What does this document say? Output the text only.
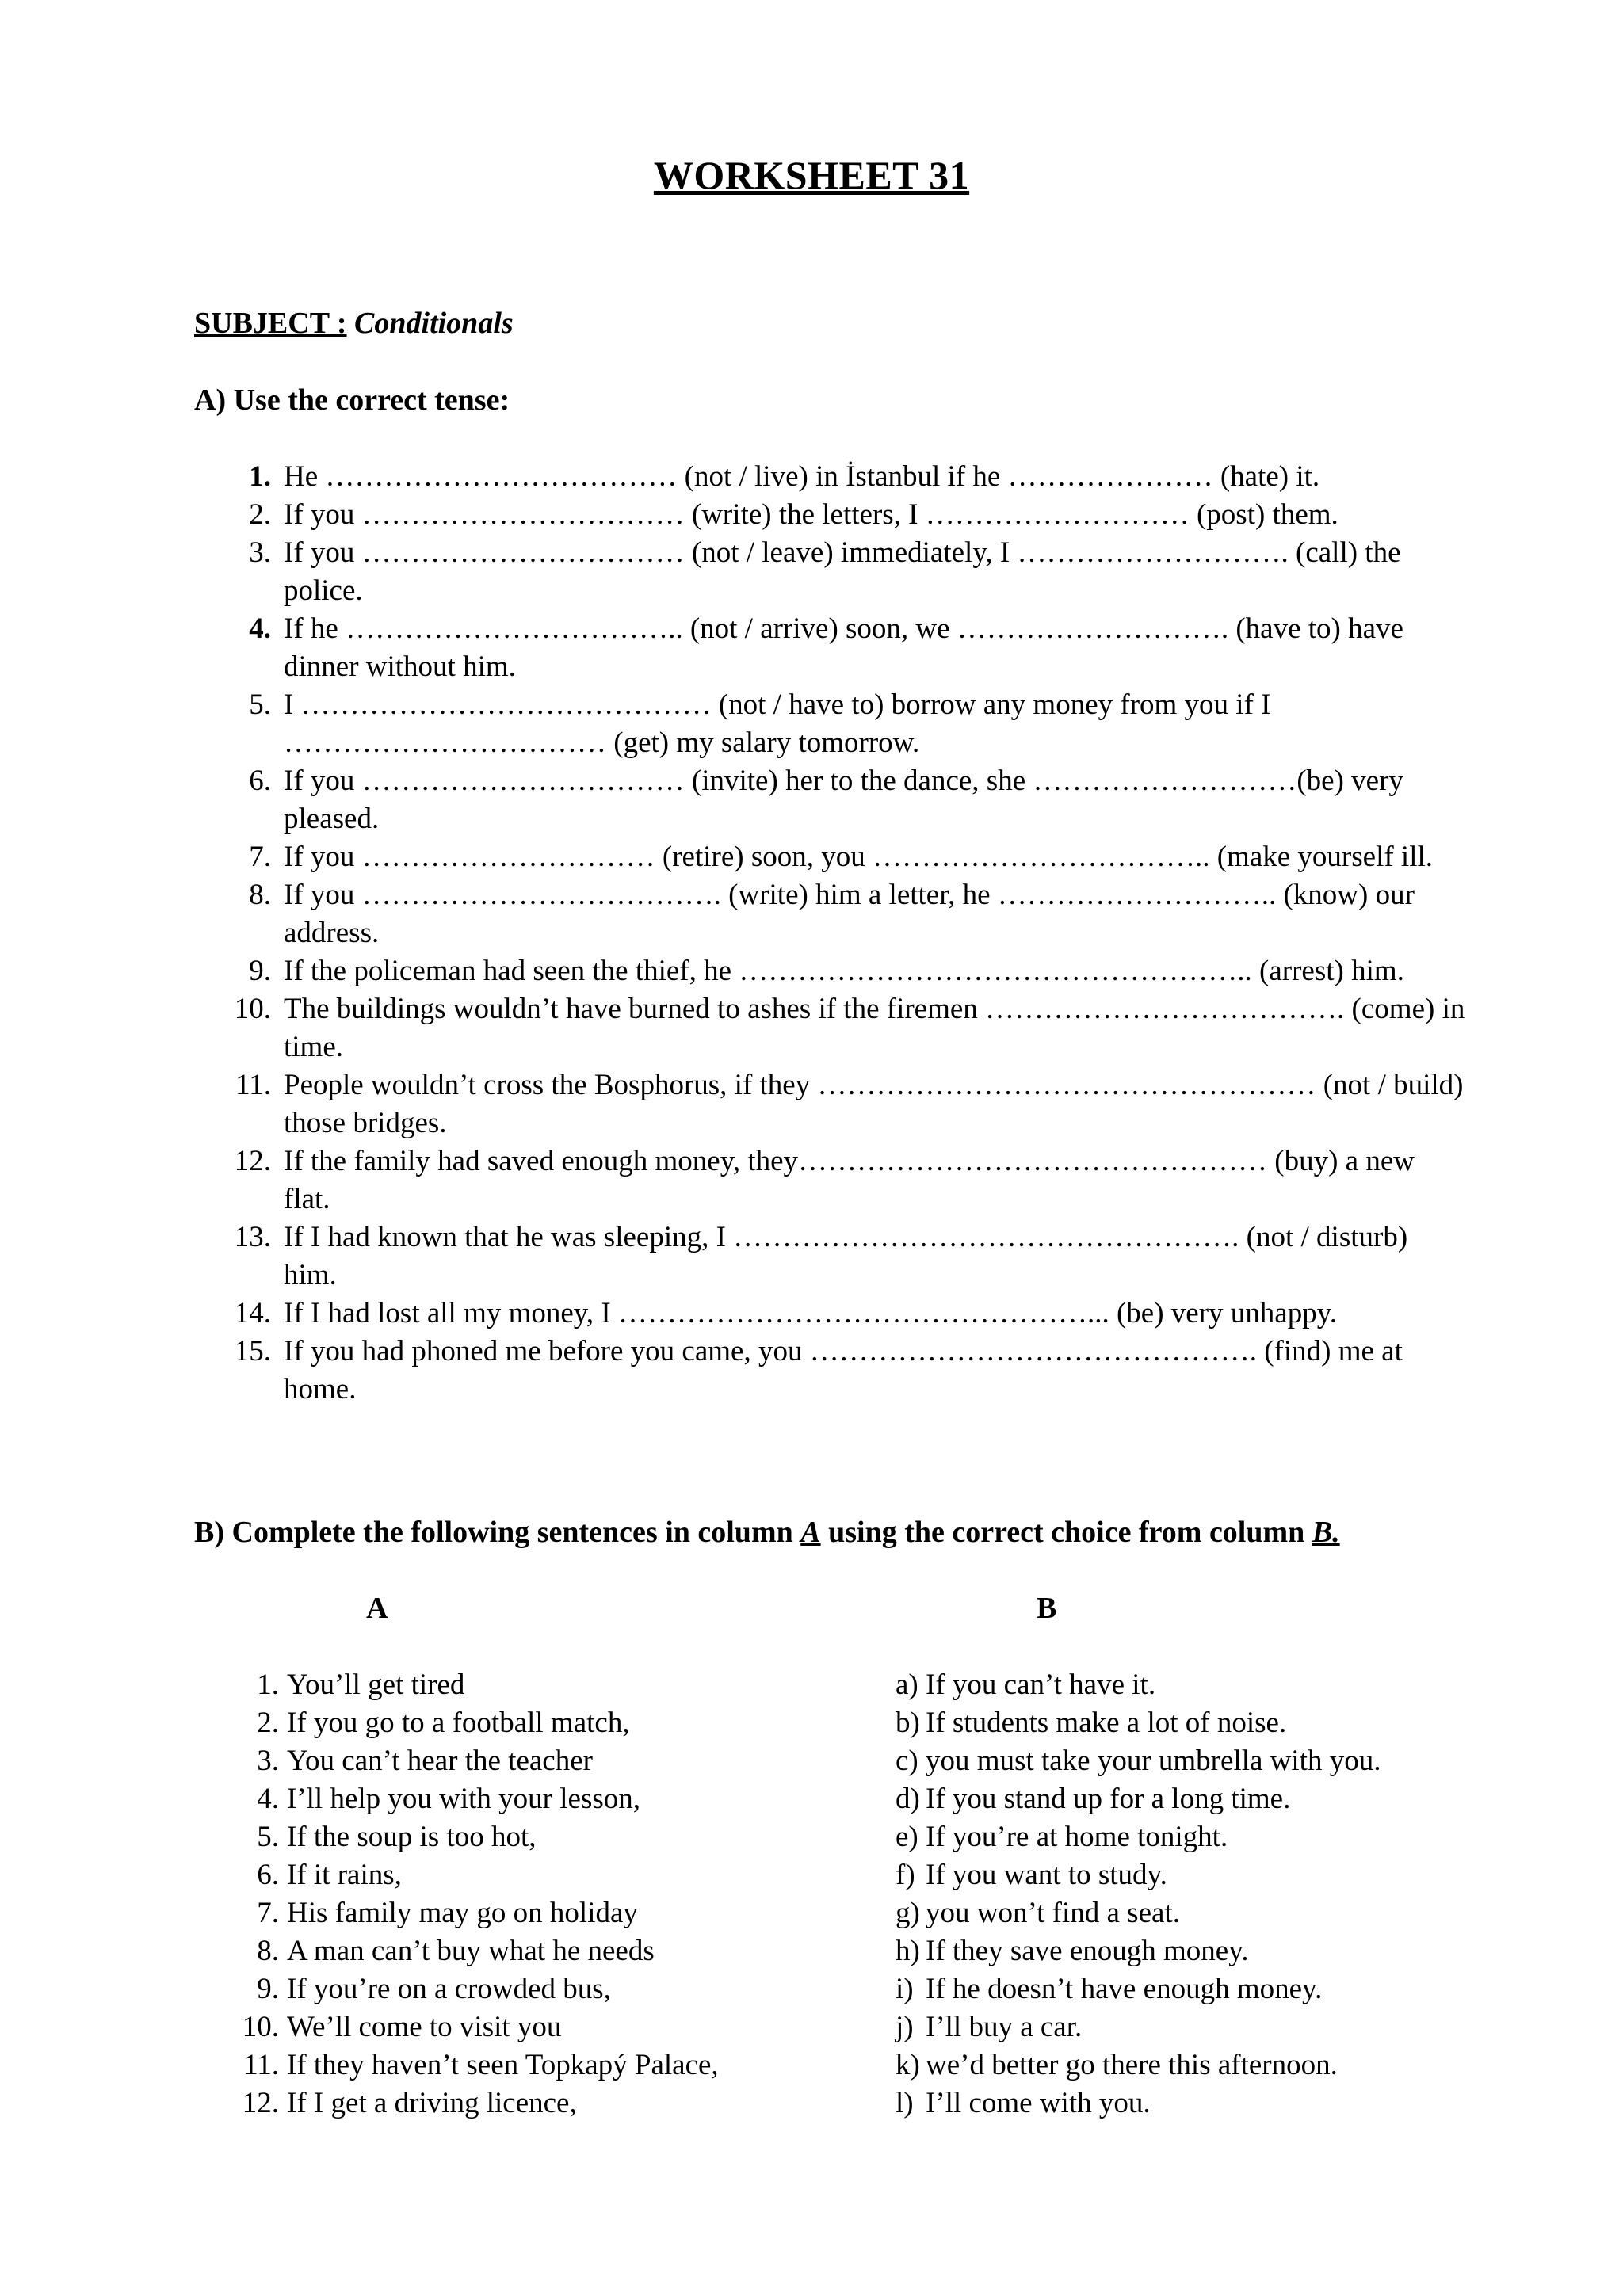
WORKSHEET 31
SUBJECT : Conditionals
A) Use the correct tense:
1. He ……………………………… (not / live) in İstanbul if he ………………… (hate) it.
2. If you …………………………… (write) the letters, I ……………………… (post) them.
3. If you …………………………… (not / leave) immediately, I ………………………. (call) the police.
4. If he …………………………….. (not / arrive) soon, we ………………………. (have to) have dinner without him.
5. I …………………………………… (not / have to) borrow any money from you if I …………………………… (get) my salary tomorrow.
6. If you …………………………… (invite) her to the dance, she ………………………(be) very pleased.
7. If you ………………………… (retire) soon, you …………………………….. (make yourself ill.
8. If you ………………………………. (write) him a letter, he ……………………….. (know) our address.
9. If the policeman had seen the thief, he …………………………………………….. (arrest) him.
10. The buildings wouldn’t have burned to ashes if the firemen ………………………………. (come) in time.
11. People wouldn’t cross the Bosphorus, if they …………………………………………… (not / build) those bridges.
12. If the family had saved enough money, they………………………………………… (buy) a new flat.
13. If I had known that he was sleeping, I ……………………………………………. (not / disturb) him.
14. If I had lost all my money, I …………………………………………... (be) very unhappy.
15. If you had phoned me before you came, you ………………………………………. (find) me at home.
B) Complete the following sentences in column A using the correct choice from column B.
A	B
1. You’ll get tired
2. If you go to a football match,
3. You can’t hear the teacher
4. I’ll help you with your lesson,
5. If the soup is too hot,
6. If it rains,
7. His family may go on holiday
8. A man can’t buy what he needs
9. If you’re on a crowded bus,
10. We’ll come to visit you
11. If they haven’t seen Topkapý Palace,
12. If I get a driving licence,
a) If you can’t have it.
b) If students make a lot of noise.
c) you must take your umbrella with you.
d) If you stand up for a long time.
e) If you’re at home tonight.
f) If you want to study.
g) you won’t find a seat.
h) If they save enough money.
i) If he doesn’t have enough money.
j) I’ll buy a car.
k) we’d better go there this afternoon.
l) I’ll come with you.
